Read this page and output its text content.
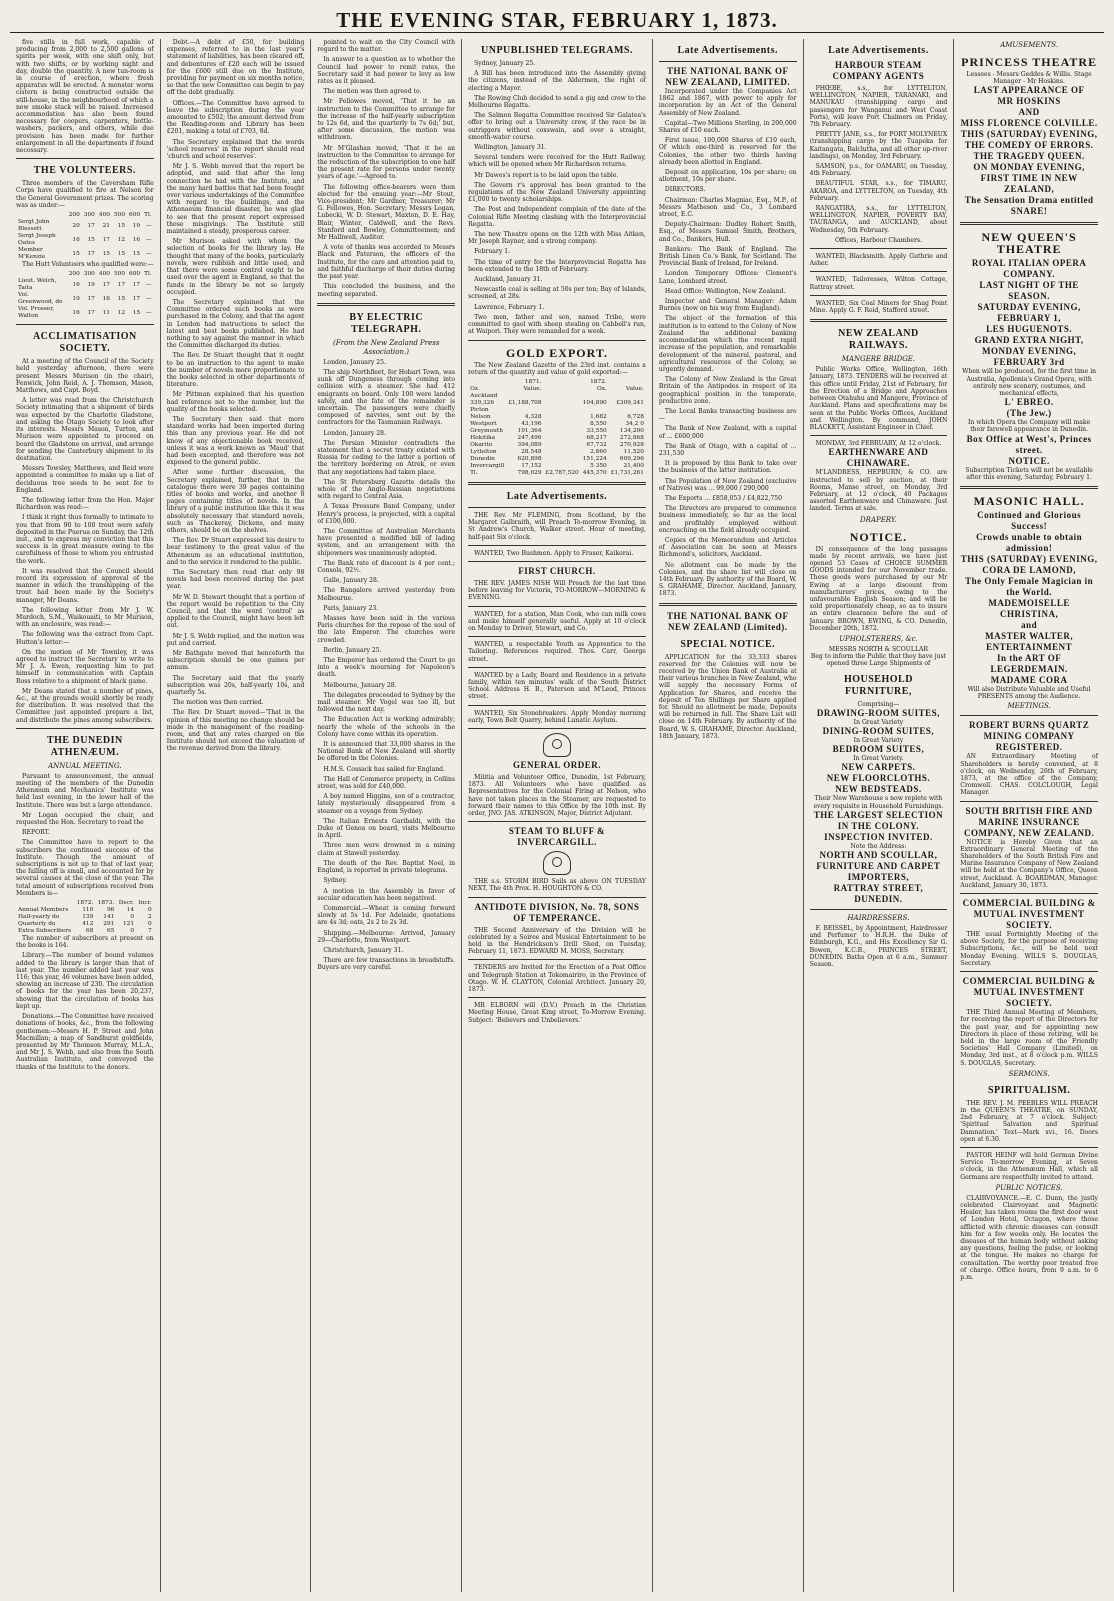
THE EVENING STAR, FEBRUARY 1, 1873.

five stills in full work, capable of producing from 2,000 to 2,500 gallons of spirits per week, with one shift only, but with two shifts, or by working night and day, double the quantity. A new tun-room is in course of erection, where fresh apparatus will be erected. A monster worm cistern is being constructed outside the still-house, in the neighbourhood of which a new smoke stack will be raised. Increased accommodation has also been found necessary for coopers, carpenters, bottle-washers, packers, and others, while due provision has been made for further enlargement in all the departments if found necessary.

THE VOLUNTEERS.

Three members of the Caversham Rifle Corps have qualified to fire at Nelson for the General Government prizes. The scoring was as under:—

	200	300	400	500	600	Tl.
Sergt John Blessett	20	17	21	15	19	—
Sergt Joseph Oates	16	15	17	12	16	—
Member M'Kenzie	15	17	15	15	15	—

The Hutt Volunteers who qualified were:—

	200	300	400	500	600	Tl.
Lieut. Welch, Taita	16	19	17	17	17	—
Vol. Greenwood, do	19	17	16	15	17	—
Vol. Prosser, Walton	16	17	11	12	15	—
ACCLIMATISATION SOCIETY.

At a meeting of the Council of the Society held yesterday afternoon, there were present Messrs Murison (in the chair), Fenwick, John Reid, A. J. Thomson, Mason, Matthews, and Capt. Boyd.

A letter was read from the Christchurch Society intimating that a shipment of birds was expected by the Charlotte Gladstone, and asking the Otago Society to look after its interests. Messrs Mason, Turton, and Murison were appointed to proceed on board the Gladstone on arrival, and arrange for sending the Canterbury shipment to its destination.

Messrs Towsley, Matthews, and Reid were appointed a committee to make up a list of deciduous tree seeds to be sent for to England.

The following letter from the Hon. Major Richardson was read:—

I think it right thus formally to intimate to you that from 90 to 100 trout were safely deposited in the Puerua on Sunday, the 12th inst., and to express my conviction that this success is in great measure owing to the carefulness of those to whom you entrusted the work.

It was resolved that the Council should record its expression of approval of the manner in which the transhipping of the trout had been made by the Society's manager, Mr Deans.

The following letter from Mr J. W. Murdoch, S.M., Waikouaiti, to Mr Murison, with an enclosure, was read:—

The following was the extract from Capt. Hutton's letter:—

On the motion of Mr Townley, it was agreed to instruct the Secretary to write to Mr J. A. Ewen, requesting him to put himself in communication with Captain Ross relative to a shipment of black game.

Mr Deans stated that a number of pines, &c., at the grounds would shortly be ready for distribution. It was resolved that the Committee just appointed prepare a list, and distribute the pines among subscribers.

THE DUNEDIN ATHENÆUM.
ANNUAL MEETING.

Pursuant to announcement, the annual meeting of the members of the Dunedin Athenæum and Mechanics' Institute was held last evening, in the lower hall of the Institute. There was but a large attendance.

Mr Logan occupied the chair, and requested the Hon. Secretary to read the

REPORT.

The Committee have to report to the subscribers the continued success of the Institute. Though the amount of subscriptions is not up to that of last year, the falling off is small, and accounted for by several causes at the close of the year. The total amount of subscriptions received from Members is—

	1872.	1873.	Decr.	Incr.
Annual Members	110	96	14	0
Half-yearly do	139	141	0	2
Quarterly do	412	291	121	0
Extra Subscribers	68	65	0	7

The number of subscribers at present on the books is 164.

Library.—The number of bound volumes added to the library is larger than that of last year. The number added last year was 116; this year, 46 volumes have been added, showing an increase of 230. The circulation of books for the year has been 20,237, showing that the circulation of books has kept up.

Donations.—The Committee have received donations of books, &c., from the following gentlemen:—Messrs H. P. Street and John Macmillan; a map of Sandhurst goldfields, presented by Mr Thomson Murray, M.L.A., and Mr J. S. Webb, and also from the South Australian Institute, and conveyed the thanks of the Institute to the donors.

Debt.—A debt of £50, for building expenses, referred to in the last year's statement of liabilities, has been cleared off, and debentures of £20 each will be issued for the £600 still due on the Institute, providing for payment on six months notice, so that the new Committee can begin to pay off the debt gradually.

Offices.—The Committee have agreed to leave the subscription during the year amounted to £502; the amount derived from the Reading-room and Library has been £201, making a total of £703, 8d.

The Secretary explained that the words 'school reserves' in the report should read 'church and school reserves'.

Mr J. S. Webb moved that the report be adopted, and said that after the long connection he had with the Institute, and the many hard battles that had been fought over various undertakings of the Committee with regard to the buildings, and the Athenaeum financial disaster, he was glad to see that the present report expressed those misgivings. The Institute still maintained a steady, prosperous career.

Mr Murison asked with whom the selection of books for the library lay. He thought that many of the books, particularly novels, were rubbish and little used, and that there were some control ought to be used over the agent in England, so that the funds in the library be not so largely occupied.

The Secretary explained that the Committee ordered such books as were purchased in the Colony, and that the agent in London had instructions to select the latest and best books published. He had nothing to say against the manner in which the Committee discharged its duties.

The Rev. Dr Stuart thought that it ought to be an instruction to the agent to make the number of novels more proportionate to the books selected in other departments of literature.

Mr Pittman explained that his question had reference not to the number, but the quality of the books selected.

The Secretary then said that more standard works had been imported during this than any previous year. He did not know of any objectionable book received, unless it was a work known as 'Maud' that had been excepted, and therefore was not exposed to the general public.

After some further discussion, the Secretary explained, further, that in the catalogue there were 39 pages containing titles of books and works, and another 8 pages containing titles of novels. In the library of a public institution like this it was absolutely necessary that standard novels, such as Thackeray, Dickens, and many others, should be on the shelves.

The Rev. Dr Stuart expressed his desire to bear testimony to the great value of the Athenæum as an educational institution, and to the service it rendered to the public.

The Secretary then read that only 98 novels had been received during the past year.

Mr W. D. Stewart thought that a portion of the report would be repetition to the City Council, and that the word 'control' as applied to the Council, might have been left out.

Mr J. S. Webb replied, and the motion was put and carried.

Mr Bathgate moved that henceforth the subscription should be one guinea per annum.

The Secretary said that the yearly subscription was 20s, half-yearly 10s, and quarterly 5s.

The motion was then carried.

The Rev. Dr Stuart moved—'That in the opinion of this meeting no change should be made in the management of the reading-room, and that any rates charged on the Institute should not exceed the valuation of the revenue derived from the library.

pointed to wait on the City Council with regard to the matter.

In answer to a question as to whether the Council had power to remit rates, the Secretary said it had power to levy as low rates as it pleased.

The motion was then agreed to.

Mr Fellowes moved, 'That it be an instruction to the Committee to arrange for the increase of the half-yearly subscription to 12s 6d, and the quarterly to 7s 6d;' but, after some discussion, the motion was withdrawn.

Mr M'Glashan moved, 'That it be an instruction to the Committee to arrange for the reduction of the subscription to one half the present rate for persons under twenty years of age.'—Agreed to.

The following office-bearers were then elected for the ensuing year:—Mr Stout, Vice-president; Mr Gardner, Treasurer; Mr G. Fellowes, Hon. Secretary; Messrs Logan, Lubecki, W. D. Stewart, Maxton, D. E. Hay, Blair, Winter, Caldwell, and the Revs. Stanford and Bowley, Committeemen; and Mr Halliwell, Auditor.

A vote of thanks was accorded to Messrs Black and Paterson, the officers of the Institute, for the care and attention paid to, and faithful discharge of their duties during the past year.

This concluded the business, and the meeting separated.

BY ELECTRIC TELEGRAPH.
(From the New Zealand Press Association.)

London, January 25.

The ship Northfleet, for Hobart Town, was sunk off Dungeness through coming into collision with a steamer. She had 412 emigrants on board. Only 100 were landed safely, and the fate of the remainder is uncertain. The passengers were chiefly composed of navvies, sent out by the contractors for the Tasmanian Railways.

London, January 28.

The Persian Minister contradicts the statement that a secret treaty existed with Russia for ceding to the latter a portion of the territory bordering on Atrek, or even that any negotiations had taken place.

The St Petersburg Gazette details the whole of the Anglo-Russian negotiations with regard to Central Asia.

A Texas Pressure Band Company, under Henry's process, is projected, with a capital of £100,000.

The Committee of Australian Merchants have presented a modified bill of lading system, and an arrangement with the shipowners was unanimously adopted.

The Bank rate of discount is 4 per cent.; Consols, 92½.

Galle, January 28.

The Bangalore arrived yesterday from Melbourne.

Paris, January 23.

Masses have been said in the various Paris churches for the repose of the soul of the late Emperor. The churches were crowded.

Berlin, January 25.

The Emperor has ordered the Court to go into a week's mourning for Napoleon's death.

Melbourne, January 28.

The delegates proceeded to Sydney by the mail steamer. Mr Vogel was too ill, but followed the next day.

The Education Act is working admirably; nearly the whole of the schools in the Colony have come within its operation.

It is announced that 33,000 shares in the National Bank of New Zealand will shortly be offered in the Colonies.

H.M.S. Cossack has sailed for England.

The Hall of Commerce property, in Collins street, was sold for £40,000.

A boy named Higgins, son of a contractor, lately mysteriously disappeared from a steamer on a voyage from Sydney.

The Italian Ernests Garibaldi, with the Duke of Genoa on board, visits Melbourne in April.

Three men were drowned in a mining claim at Stawell yesterday.

The death of the Rev. Baptist Noel, in England, is reported in private telegrams.

Sydney.

A motion in the Assembly in favor of secular education has been negatived.

Commercial.—Wheat is coming forward slowly at 5s 1d. For Adelaide, quotations are 4s 3d; oats, 2s 2 to 2s 3d.

Shipping.—Melbourne: Arrived, January 29—Charlotte, from Westport.

Christchurch, January 31.

There are few transactions in breadstuffs. Buyers are very careful.

UNPUBLISHED TELEGRAMS.

Sydney, January 25.

A Bill has been introduced into the Assembly giving the citizens, instead of the Aldermen, the right of electing a Mayor.

The Rowing Club decided to send a gig and crew to the Melbourne Regatta.

The Salmon Regatta Committee received Sir Galatea's offer to bring out a University crew, if the race be in outriggers without coxswain, and over a straight, smooth-water course.

Wellington, January 31.

Several tenders were received for the Hutt Railway, which will be opened when Mr Richardson returns.

Mr Dawes's report is to be laid upon the table.

The Govern r's approval has been granted to the regulations of the New Zealand University appointing £1,000 to twenty scholarships.

The Post and Independent complain of the date of the Colonial Rifle Meeting clashing with the Interprovincial Regatta.

The new Theatre opens on the 12th with Miss Aitken, Mr Joseph Rayner, and a strong company.

February 1.

The time of entry for the Interprovincial Regatta has been extended to the 18th of February.

Auckland, January 31.

Newcastle coal is selling at 50s per ton; Bay of Islands, screened, at 28s.

Lawrence, February 1.

Two men, father and son, named Tribe, were committed to gaol with sheep stealing on Cabbell's run, at Waipori. They were remanded for a week.

GOLD EXPORT.

The New Zealand Gazette of the 23rd inst. contains a return of the quantity and value of gold exported:—

	1871.		1872.	
Oz.	Value.		Oz.	Value.
Auckland				
339,326	£1,188,708		104,890	£309,341
Picton				
Nelson	4,328		1,682	6,728
Westport	43,196		8,550	34,2 0
Greymouth	191,364		33,550	134,200
Hokitika	247,496		68,217	272,868
Okarito	394,089		67,732	270,928
Lyttelton	28,548		2,860	11,520
Dunedin	620,898		151,224	609,296
Invercargill	17,152		5 350	21,400
Tl.	798,029	£2,787,520	445,370	£1,731,261
Late Advertisements.

THE Rev. Mr FLEMING, from Scotland, by the Margaret Galbraith, will Preach To-morrow Evening, in St Andrew's Church, Walker street. Hour of meeting, half-past Six o'clock.

WANTED, Two Bushmen. Apply to Fraser, Kaikorai.

FIRST CHURCH.

THE REV. JAMES NISH Will Preach for the last time before leaving for Victoria, TO-MORROW—MORNING & EVENING.

WANTED, for a station, Man Cook, who can milk cows and make himself generally useful. Apply at 10 o'clock on Monday to Driver, Stewart, and Co.

WANTED, a respectable Youth as Apprentice to the Tailoring. References required. Thos. Carr, George street.

WANTED by a Lady, Board and Residence in a private family, within ten minutes' walk of the South District School. Address H. B., Paterson and M'Leod, Princes street.

WANTED, Six Stonebreakers. Apply Monday morning early, Town Belt Quarry, behind Lunatic Asylum.

GENERAL ORDER.

Militia and Volunteer Office, Dunedin, 1st February, 1873. All Volunteers who have qualified as Representatives for the Colonial Firing at Nelson, who have not taken places in the Steamer, are requested to forward their names to this Office by the 10th inst. By order, JNO. JAS. ATKINSON, Major, District Adjutant.

STEAM TO BLUFF & INVERCARGILL.

THE s.s. STORM BIRD Sails as above ON TUESDAY NEXT, The 4th Prox. H. HOUGHTON & CO.

ANTIDOTE DIVISION, No. 78, SONS OF TEMPERANCE.

THE Second Anniversary of the Division will be celebrated by a Soiree and Musical Entertainment to be held in the Hendrickson's Drill Shed, on Tuesday, February 11, 1873. EDWARD M. MOSS, Secretary.

TENDERS are Invited for the Erection of a Post Office and Telegraph Station at Tokomairiro, in the Province of Otago. W. H. CLAYTON, Colonial Architect. January 20, 1873.

MR ELBORN will (D.V.) Preach in the Christian Meeting House, Great King street, To-Morrow Evening. Subject: 'Believers and Unbelievers.'

Late Advertisements.
THE NATIONAL BANK OF NEW ZEALAND, LIMITED.

Incorporated under the Companies Act 1862 and 1867, with power to apply for incorporation by an Act of the General Assembly of New Zealand.

Capital—Two Millions Sterling, in 200,000 Shares of £10 each.

First issue, 100,000 Shares of £10 each, Of which one-third is reserved for the Colonies, the other two thirds having already been allotted in England.

Deposit on application, 10s per share; on allotment, 10s per share.

DIRECTORS.

Chairman: Charles Magniac, Esq., M.P., of Messrs Matheson and Co., 3 Lombard street, E.C.

Deputy-Chairman: Dudley Robert Smith, Esq., of Messrs Samuel Smith, Brothers, and Co., Bankers, Hull.

Bankers: The Bank of England. The British Linen Co.'s Bank, for Scotland. The Provincial Bank of Ireland, for Ireland.

London Temporary Offices: Clement's Lane, Lombard street.

Head Office: Wellington, New Zealand.

Inspector and General Manager: Adam Burnes (now on his way from England).

The object of the formation of this institution is to extend to the Colony of New Zealand the additional banking accommodation which the recent rapid increase of the population, and remarkable development of the mineral, pastoral, and agricultural resources of the Colony, so urgently demand.

The Colony of New Zealand is the Great Britain of the Antipodes in respect of its geographical position in the temperate, productive zone.

The Local Banks transacting business are—

The Bank of New Zealand, with a capital of ... £600,000

The Bank of Otago, with a capital of ... 231,530

It is proposed by this Bank to take over the business of the latter institution.

The Population of New Zealand (exclusive of Natives) was ... 99,000 / 290,000

The Exports ... £858,053 / £4,822,750

The Directors are prepared to commence business immediately, so far as the local and profitably employed without encroaching on the field already occupied.

Copies of the Memorandum and Articles of Association can be seen at Messrs Richmond's, solicitors, Auckland.

No allotment can be made by the Colonies, and the share list will close on 14th February. By authority of the Board, W. S. GRAHAME, Director. Auckland, January, 1873.

THE NATIONAL BANK OF NEW ZEALAND (Limited).
SPECIAL NOTICE.

APPLICATION for the 33,333 shares reserved for the Colonies will now be received by the Union Bank of Australia at their various branches in New Zealand, who will supply the necessary Forms of Application for Shares, and receive the deposit of Ten Shillings per Share applied for. Should no allotment be made, Deposits will be returned in full. The Share List will close on 14th February. By authority of the Board, W. S. GRAHAME, Director. Auckland, 18th January, 1873.

Late Advertisements.
HARBOUR STEAM COMPANY AGENTS

PHŒBE, s.s., for LYTTELTON, WELLINGTON, NAPIER, TARANAKI, and MANUKAU (transhipping cargo and passengers for Wanganui and West Coast Ports), will leave Port Chalmers on Friday, 7th February.

PRETTY JANE, s.s., for PORT MOLYNEUX (transhipping cargo by the Tuapeka for Kaitangata, Balclutha, and all other up-river landings), on Monday, 3rd February.

SAMSON, p.s., for OAMARU, on Tuesday, 4th February.

BEAUTIFUL STAR, s.s., for TIMARU, AKAROA, and LYTTELTON, on Tuesday, 4th February.

RANGATIRA, s.s., for LYTTELTON, WELLINGTON, NAPIER, POVERTY BAY, TAURANGA, and AUCKLAND, about Wednesday, 5th February.

Offices, Harbour Chambers.

WANTED, Blacksmith. Apply Guthrie and Asher.

WANTED, Tailoresses, Wilton Cottage, Rattray street.

WANTED, Six Coal Miners for Shag Point Mine. Apply G. F. Reid, Stafford street.

NEW ZEALAND RAILWAYS.
MANGERE BRIDGE.

Public Works Office, Wellington, 16th January, 1873. TENDERS will be received at this office until Friday, 21st of February, for the Erection of a Bridge and Approaches between Otahuhu and Mangere, Province of Auckland. Plans and specifications may be seen at the Public Works Offices, Auckland and Wellington. By command, JOHN BLACKETT, Assistant Engineer in Chief.

MONDAY, 3rd FEBRUARY, At 12 o'clock.
EARTHENWARE AND CHINAWARE.

M'LANDRESS, HEPBURN, & CO. are instructed to sell by auction, at their Rooms, Manse street, on Monday, 3rd February, at 12 o'clock, 40 Packages assorted Earthenware and Chinaware. Just landed. Terms at sale.

DRAPERY.
NOTICE.

IN consequence of the long passages made by recent arrivals, we have just opened 53 Cases of CHOICE SUMMER GOODS intended for our November trade. These goods were purchased by our Mr Ewing at a large discount from manufacturers' prices, owing to the unfavourable English Season; and will be sold proportionately cheap, so as to insure an entire clearance before the end of January. BROWN, EWING, & CO. Dunedin, December 20th, 1872.

UPHOLSTERERS, &c.
MESSRS NORTH & SCOULLAR
Beg to inform the Public that they have just opened three Large Shipments of
HOUSEHOLD FURNITURE,
Comprising—
DRAWING-ROOM SUITES,
In Great Variety
DINING-ROOM SUITES,
In Great Variety
BEDROOM SUITES,
In Great Variety.
NEW CARPETS.
NEW FLOORCLOTHS.
NEW BEDSTEADS.
Their New Warehouse s now replete with every requisite in Household Furnishings.
THE LARGEST SELECTION IN THE COLONY.
INSPECTION INVITED.
Note the Address:
NORTH AND SCOULLAR,
FURNITURE AND CARPET IMPORTERS,
RATTRAY STREET,
DUNEDIN.
HAIRDRESSERS.

F. BEISSEL, by Appointment, Hairdresser and Perfumer to H.R.H. the Duke of Edinburgh, K.G., and His Excellency Sir G. Bowen, K.C.B., PRINCES STREET, DUNEDIN. Baths Open at 6 a.m., Summer Season.

AMUSEMENTS.
PRINCESS THEATRE
Lessees - Messrs Geddes & Willis. Stage Manager - Mr Hoskins.
LAST APPEARANCE OF
MR HOSKINS
AND
MISS FLORENCE COLVILLE.
THIS (SATURDAY) EVENING,
THE COMEDY OF ERRORS.
THE TRAGEDY QUEEN.
ON MONDAY EVENING,
FIRST TIME IN NEW ZEALAND,
The Sensation Drama entitled
SNARE!
NEW QUEEN'S THEATRE
ROYAL ITALIAN OPERA COMPANY.
LAST NIGHT OF THE SEASON.
SATURDAY EVENING, FEBRUARY 1,
LES HUGUENOTS.
GRAND EXTRA NIGHT,
MONDAY EVENING, FEBRUARY 3rd
When will be produced, for the first time in Australia, Apollonia's Grand Opera, with entirely new scenery, costumes, and mechanical effects,
L' EBREO.
(The Jew.)
In which Opera the Company will make their farewell appearance in Dunedin.
Box Office at West's, Princes street.
NOTICE.
Subscription Tickets will not be available after this evening, Saturday, February 1.
MASONIC HALL.
Continued and Glorious Success!
Crowds unable to obtain admission!
THIS (SATURDAY) EVENING,
CORA DE LAMOND,
The Only Female Magician in the World.
MADEMOISELLE CHRISTINA,
and
MASTER WALTER,
ENTERTAINMENT
In the ART OF LEGERDEMAIN.
MADAME CORA
Will also Distribute Valuable and Useful PRESENTS among the Audience.
MEETINGS.
ROBERT BURNS QUARTZ MINING COMPANY REGISTERED.

AN Extraordinary Meeting of Shareholders is hereby convened, at 8 o'clock, on Wednesday, 26th of February, 1873, at the office of the Company, Cromwell. CHAS. COLCLOUGH, Legal Manager.

SOUTH BRITISH FIRE AND MARINE INSURANCE COMPANY, NEW ZEALAND.

NOTICE is Hereby Given that an Extraordinary General Meeting of the Shareholders of the South British Fire and Marine Insurance Company of New Zealand will be held at the Company's Office, Queen street, Auckland. A. BOARDMAN, Manager. Auckland, January 30, 1873.

COMMERCIAL BUILDING & MUTUAL INVESTMENT SOCIETY.

THE usual Fortnightly Meeting of the above Society, for the purpose of receiving Subscriptions, &c., will be held next Monday Evening. WILLS S. DOUGLAS, Secretary.

COMMERCIAL BUILDING & MUTUAL INVESTMENT SOCIETY.

THE Third Annual Meeting of Members, for receiving the report of the Directors for the past year, and for appointing new Directors in place of those retiring, will be held in the large room of the Friendly Societies' Hall Company (Limited), on Monday, 3rd inst., at 8 o'clock p.m. WILLS S. DOUGLAS, Secretary.

SERMONS.
SPIRITUALISM.

THE REV. J. M. PEEBLES WILL PREACH in the QUEEN'S THEATRE, on SUNDAY, 2nd February, at 7 o'clock. Subject: 'Spiritual Salvation and Spiritual Damnation.' Text—Mark xvi., 16. Doors open at 6.30.

PASTOR HEINF will hold German Divine Service To-morrow Evening, at Seven o'clock, in the Athenæum Hall, which all Germans are respectfully invited to attend.

PUBLIC NOTICES.

CLAIRVOYANCE.—E. C. Dunn, the justly celebrated Clairvoyant and Magnetic Healer, has taken rooms the first door west of London Hotel, Octagon, where those afflicted with chronic diseases can consult him for a few weeks only. He locates the diseases of the human body without asking any questions, feeling the pulse, or looking at the tongue. He makes no charge for consultation. The worthy poor treated free of charge. Office hours, from 9 a.m. to 6 p.m.
